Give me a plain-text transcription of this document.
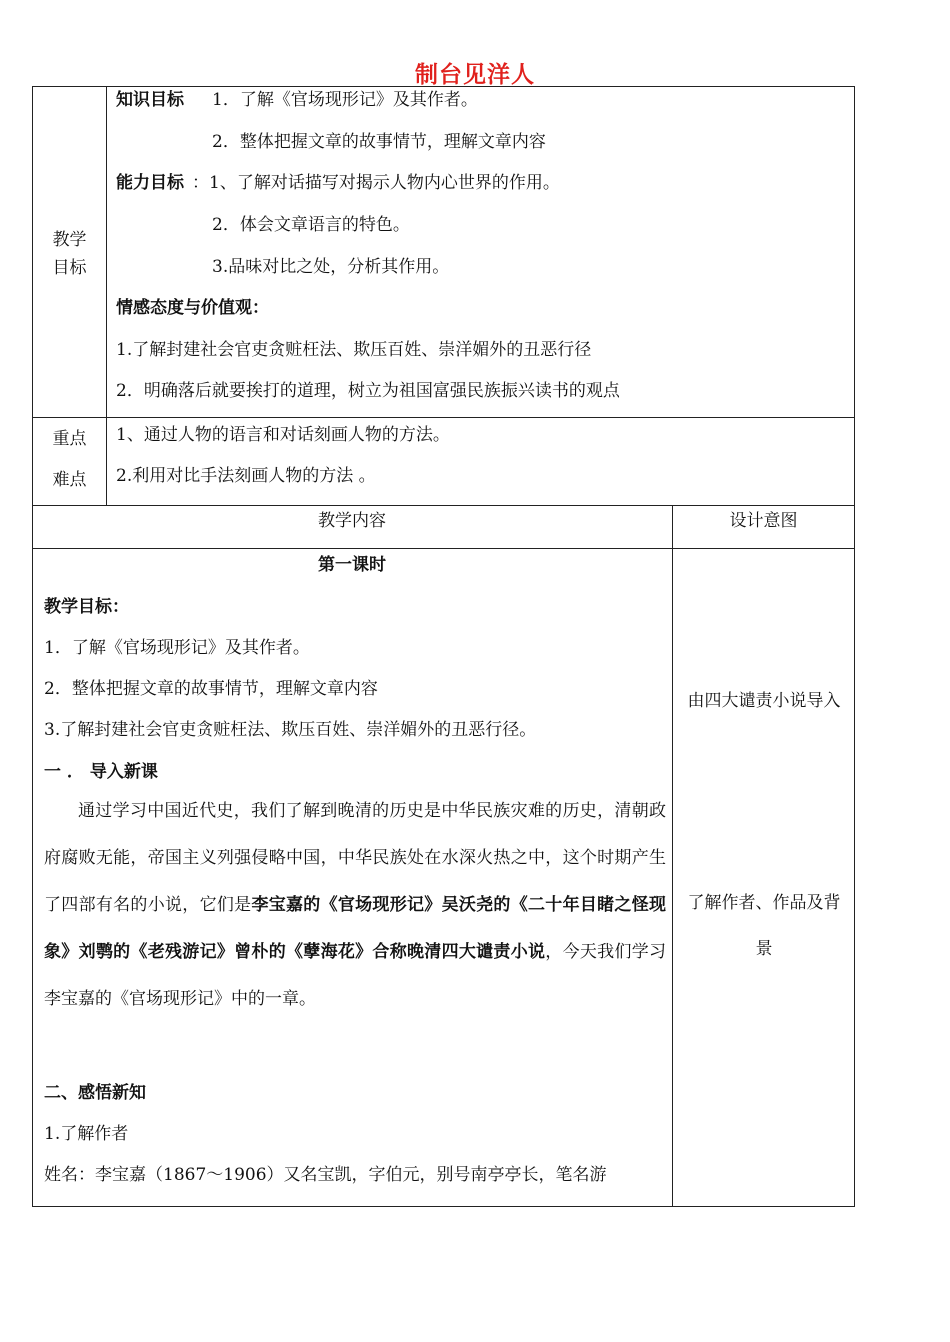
制台见洋人
教学目标
知识目标 1．了解《官场现形记》及其作者。
2．整体把握文章的故事情节，理解文章内容
能力目标 ：1、了解对话描写对揭示人物内心世界的作用。
2．体会文章语言的特色。
3.品味对比之处，分析其作用。
情感态度与价值观：
1.了解封建社会官吏贪赃枉法、欺压百姓、崇洋媚外的丑恶行径
2．明确落后就要挨打的道理，树立为祖国富强民族振兴读书的观点
重点
难点
1、通过人物的语言和对话刻画人物的方法。
2.利用对比手法刻画人物的方法 。
教学内容	设计意图
第一课时
教学目标：
1．了解《官场现形记》及其作者。
2．整体把握文章的故事情节，理解文章内容
3.了解封建社会官吏贪赃枉法、欺压百姓、崇洋媚外的丑恶行径。
一 ． 导入新课
通过学习中国近代史，我们了解到晚清的历史是中华民族灾难的历史，清朝政府腐败无能，帝国主义列强侵略中国，中华民族处在水深火热之中，这个时期产生了四部有名的小说，它们是李宝嘉的《官场现形记》吴沃尧的《二十年目睹之怪现象》刘鹗的《老残游记》曾朴的《孽海花》合称晚清四大谴责小说，今天我们学习李宝嘉的《官场现形记》中的一章。
二、感悟新知
1.了解作者
姓名：李宝嘉（1867～1906）又名宝凯，字伯元，别号南亭亭长，笔名游
由四大谴责小说导入
了解作者、作品及背景
